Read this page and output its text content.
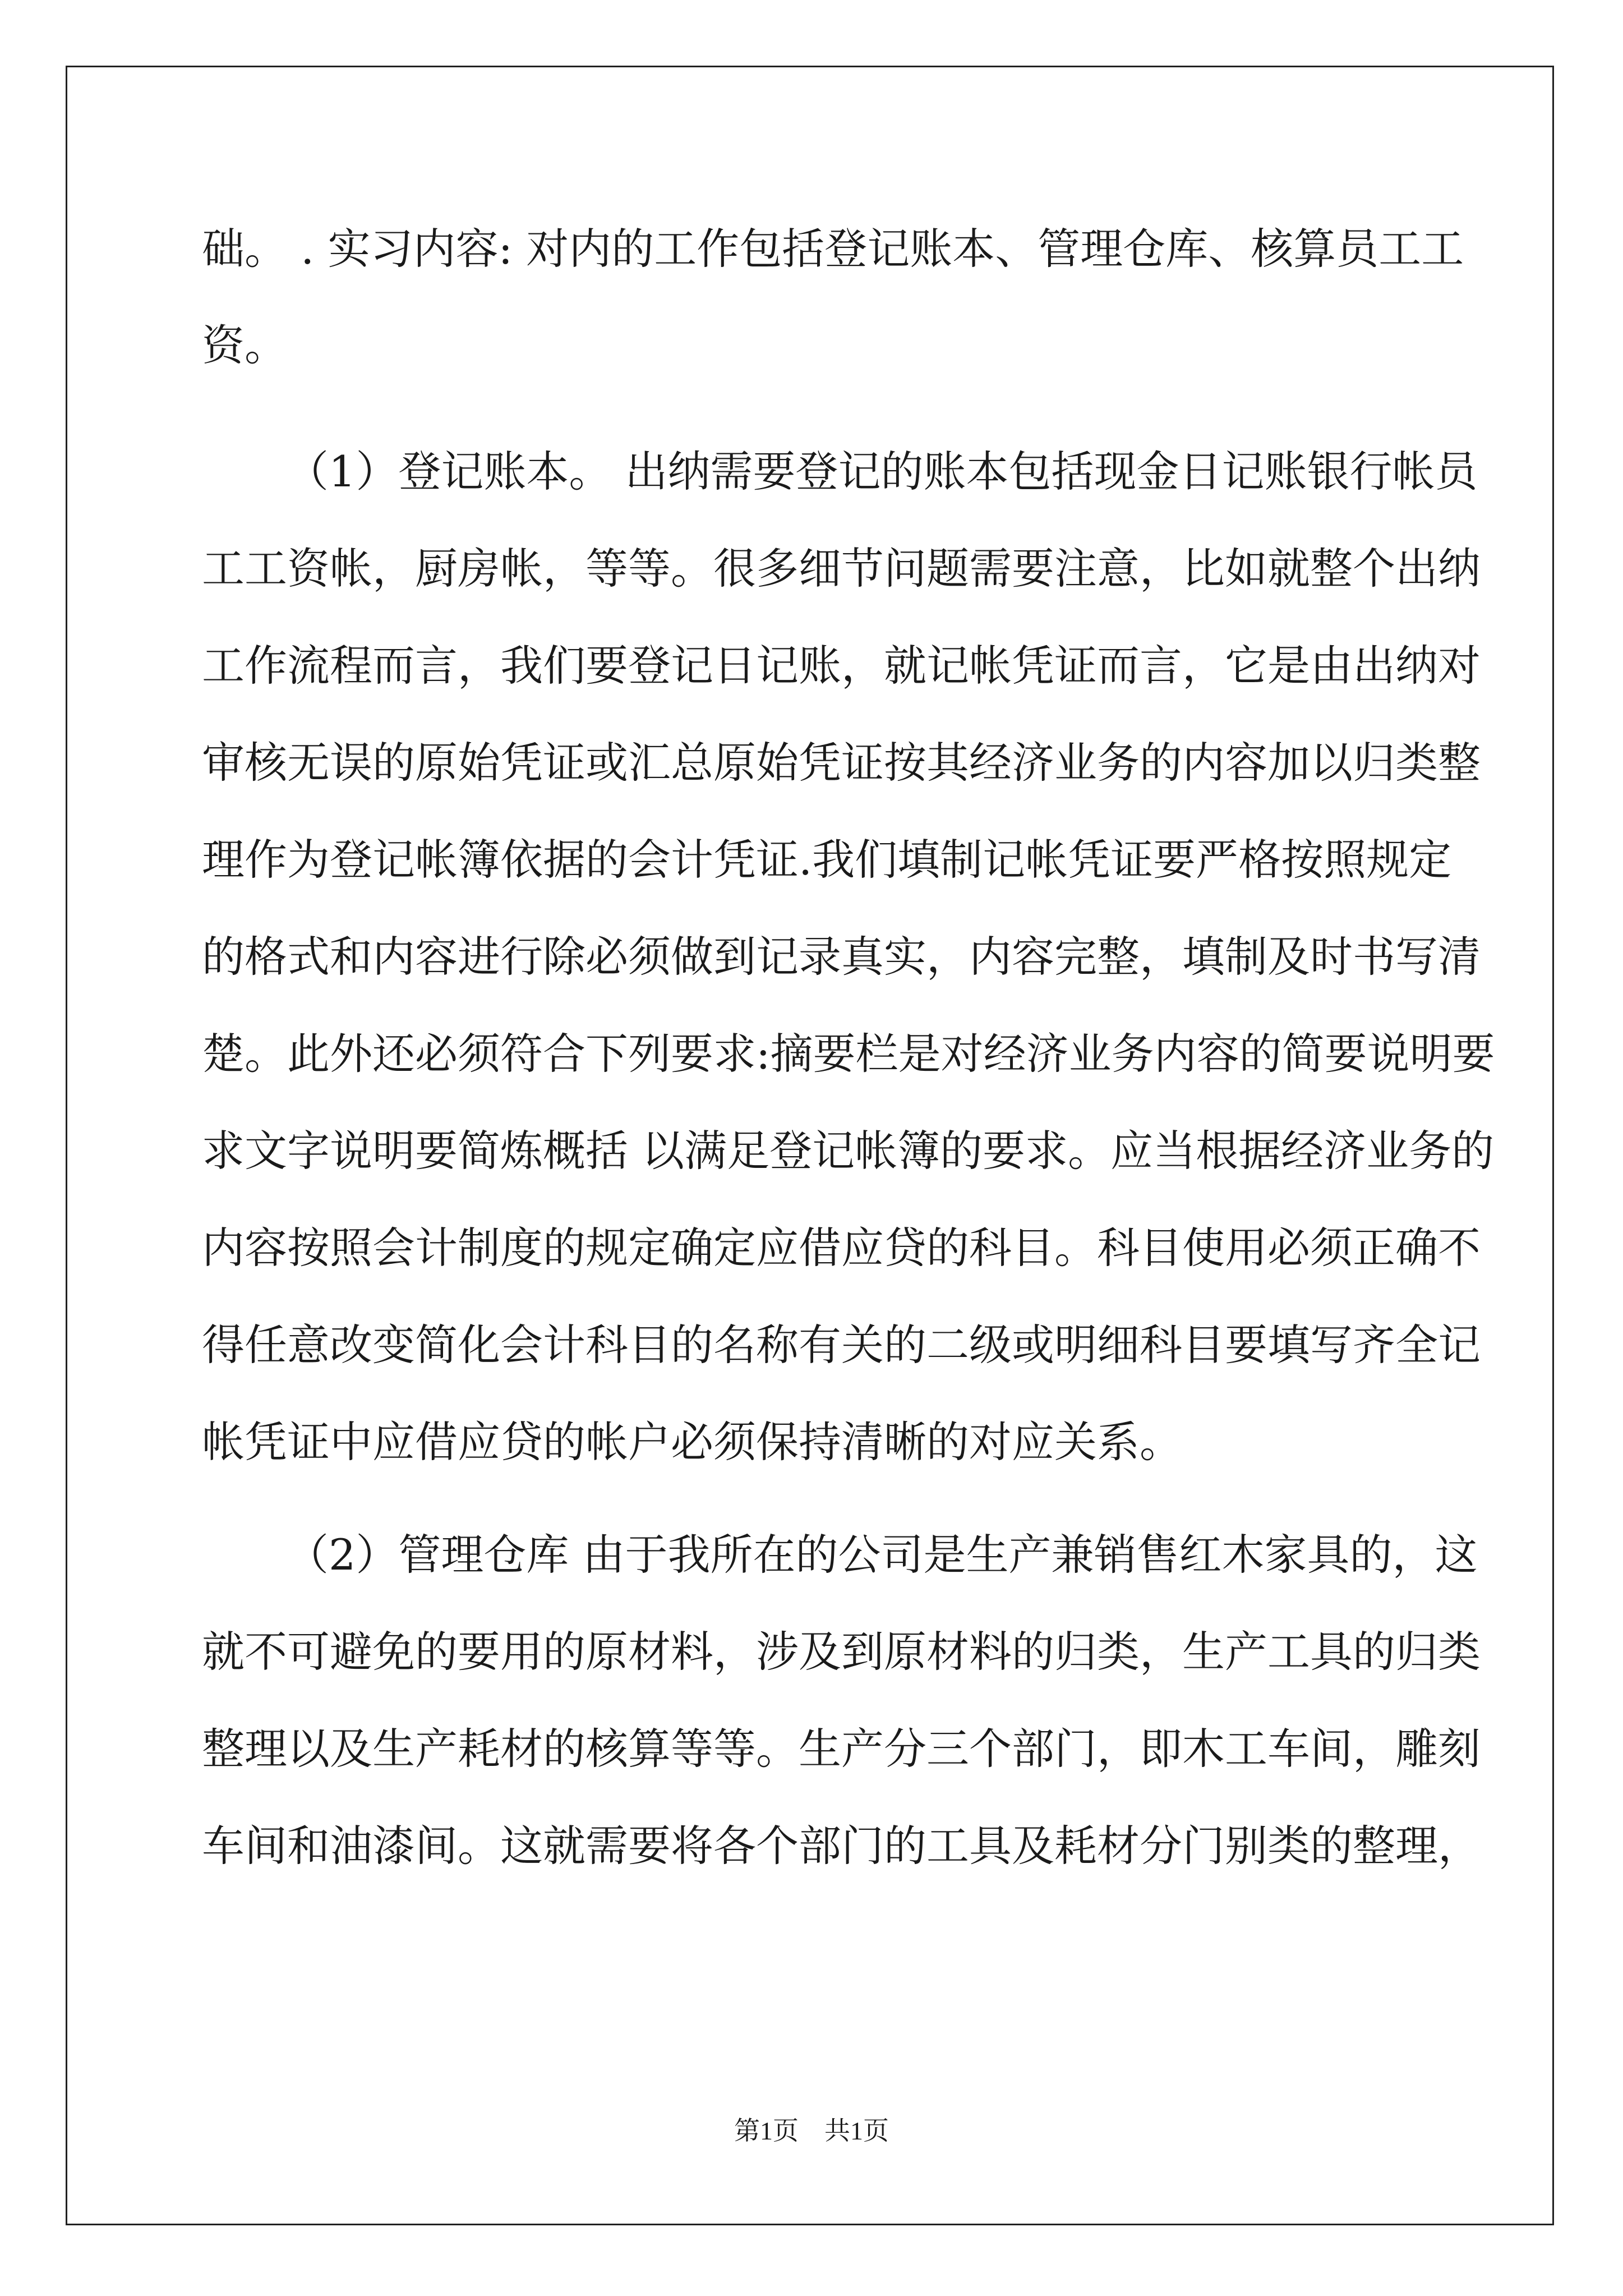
础。 . 实习内容: 对内的工作包括登记账本、管理仓库、核算员工工
资。
（1）登记账本。 出纳需要登记的账本包括现金日记账银行帐员
工工资帐，厨房帐，等等。很多细节问题需要注意，比如就整个出纳
工作流程而言，我们要登记日记账，就记帐凭证而言，它是由出纳对
审核无误的原始凭证或汇总原始凭证按其经济业务的内容加以归类整
理作为登记帐簿依据的会计凭证.我们填制记帐凭证要严格按照规定
的格式和内容进行除必须做到记录真实，内容完整，填制及时书写清
楚。此外还必须符合下列要求:摘要栏是对经济业务内容的简要说明要
求文字说明要简炼概括 以满足登记帐簿的要求。应当根据经济业务的
内容按照会计制度的规定确定应借应贷的科目。科目使用必须正确不
得任意改变简化会计科目的名称有关的二级或明细科目要填写齐全记
帐凭证中应借应贷的帐户必须保持清晰的对应关系。
（2）管理仓库 由于我所在的公司是生产兼销售红木家具的，这
就不可避免的要用的原材料，涉及到原材料的归类，生产工具的归类
整理以及生产耗材的核算等等。生产分三个部门，即木工车间，雕刻
车间和油漆间。这就需要将各个部门的工具及耗材分门别类的整理，
第1页　共1页
